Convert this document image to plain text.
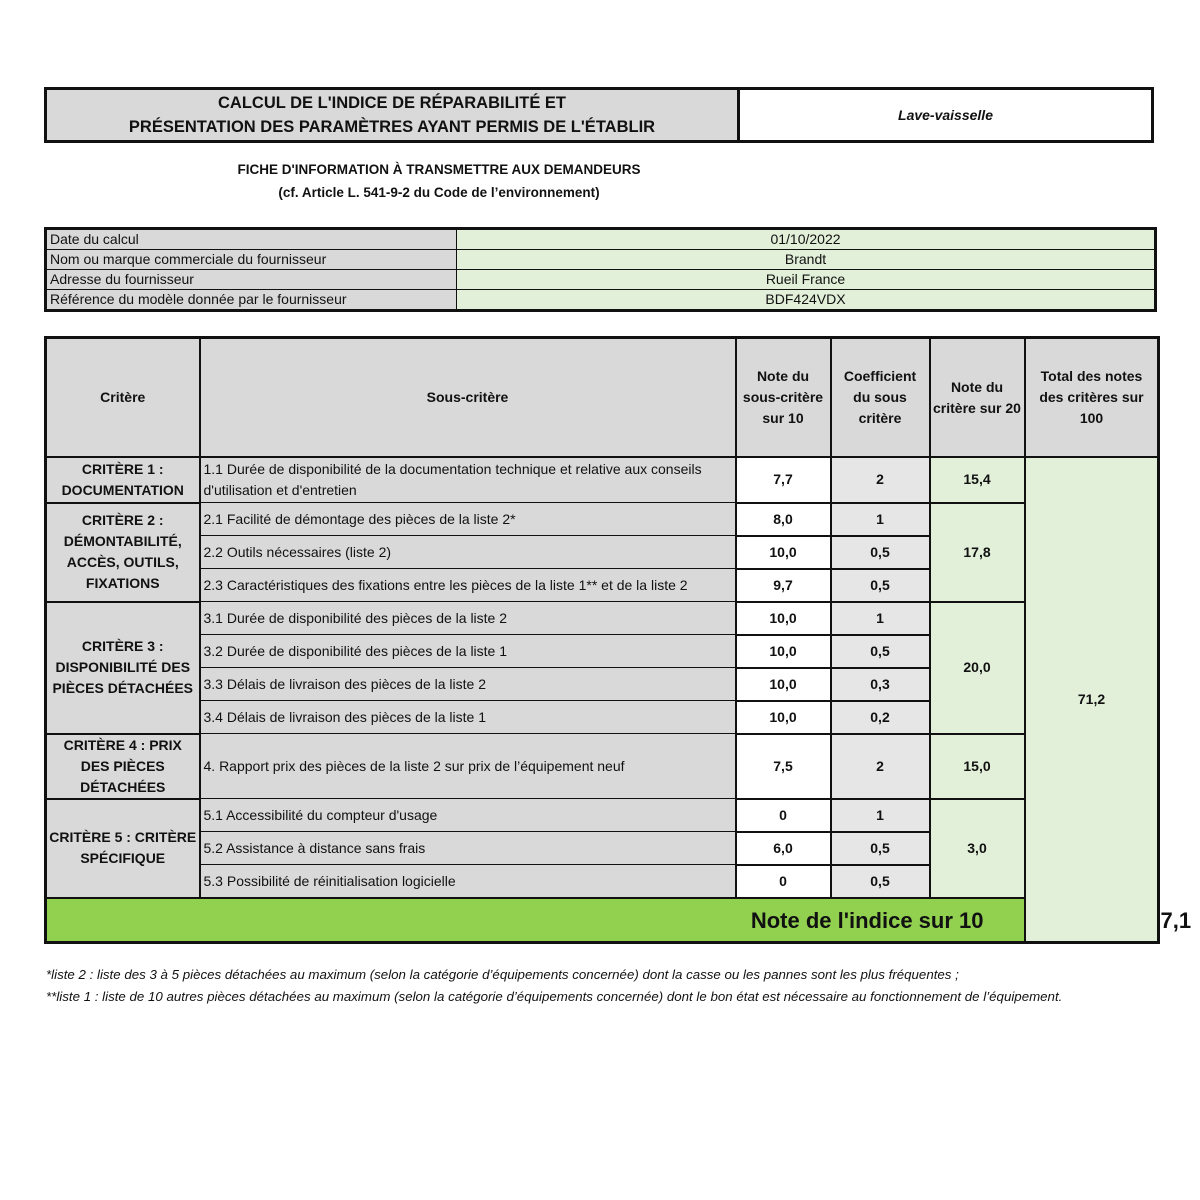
CALCUL DE L'INDICE DE RÉPARABILITÉ ET
PRÉSENTATION DES PARAMÈTRES AYANT PERMIS DE L'ÉTABLIR
Lave-vaisselle
FICHE D'INFORMATION À TRANSMETTRE AUX DEMANDEURS
(cf. Article L. 541-9-2 du Code de l’environnement)
Date du calcul	01/10/2022
Nom ou marque commerciale du fournisseur	Brandt
Adresse du fournisseur	Rueil France
Référence du modèle donnée par le fournisseur	BDF424VDX
Critère	Sous-critère	Note du sous-critère sur 10	Coefficient du sous critère	Note du critère sur 20	Total des notes des critères sur 100	
CRITÈRE 1 : DOCUMENTATION	1.1 Durée de disponibilité de la documentation technique et relative aux conseils d'utilisation et d'entretien	7,7	2	15,4	71,2	
CRITÈRE 2 : DÉMONTABILITÉ, ACCÈS, OUTILS, FIXATIONS	2.1 Facilité de démontage des pièces de la liste 2*	8,0	1	17,8		
	2.2 Outils nécessaires (liste 2)	10,0	0,5			
	2.3 Caractéristiques des fixations entre les pièces de la liste 1** et de la liste 2	9,7	0,5			
CRITÈRE 3 : DISPONIBILITÉ DES PIÈCES DÉTACHÉES	3.1 Durée de disponibilité des pièces de la liste 2	10,0	1	20,0		
	3.2 Durée de disponibilité des pièces de la liste 1	10,0	0,5			
	3.3 Délais de livraison des pièces de la liste 2	10,0	0,3			
	3.4 Délais de livraison des pièces de la liste 1	10,0	0,2			
CRITÈRE 4 : PRIX DES PIÈCES DÉTACHÉES	4. Rapport prix des pièces de la liste 2 sur prix de l’équipement neuf	7,5	2	15,0		
CRITÈRE 5 : CRITÈRE SPÉCIFIQUE	5.1 Accessibilité du compteur d'usage	0	1	3,0		
	5.2 Assistance à distance sans frais	6,0	0,5			
	5.3 Possibilité de réinitialisation logicielle	0	0,5			
Note de l'indice sur 10						7,1
*liste 2 : liste des 3 à 5 pièces détachées au maximum (selon la catégorie d’équipements concernée) dont la casse ou les pannes sont les plus fréquentes ;
**liste 1 : liste de 10 autres pièces détachées au maximum (selon la catégorie d’équipements concernée) dont le bon état est nécessaire au fonctionnement de l’équipement.
